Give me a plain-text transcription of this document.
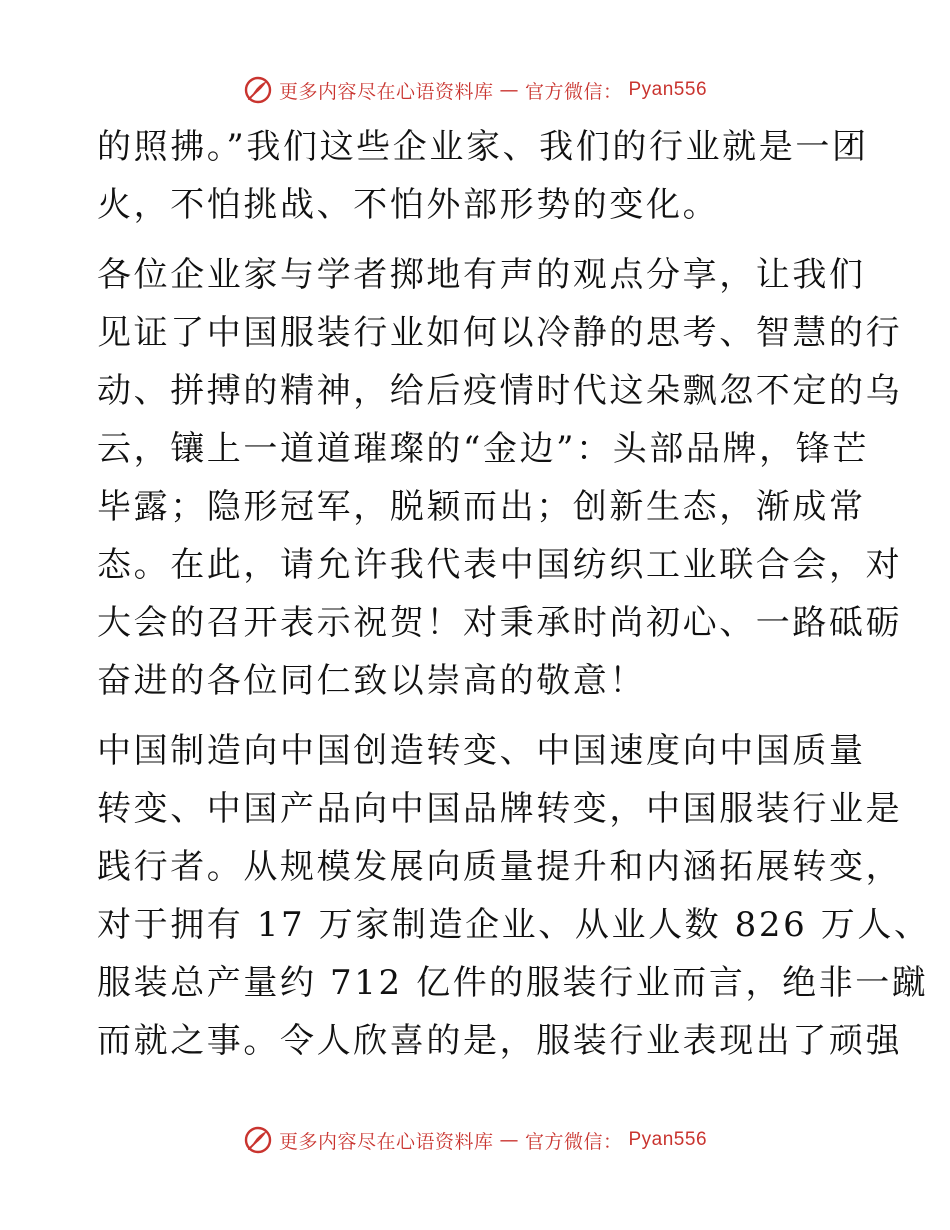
更多内容尽在心语资料库 — 官方微信： Pyan556

的照拂。”我们这些企业家、我们的行业就是一团
火，不怕挑战、不怕外部形势的变化。

各位企业家与学者掷地有声的观点分享，让我们
见证了中国服装行业如何以冷静的思考、智慧的行
动、拼搏的精神，给后疫情时代这朵飘忽不定的乌
云，镶上一道道璀璨的“金边”：头部品牌，锋芒
毕露；隐形冠军，脱颖而出；创新生态，渐成常
态。在此，请允许我代表中国纺织工业联合会，对
大会的召开表示祝贺！对秉承时尚初心、一路砥砺
奋进的各位同仁致以崇高的敬意！

中国制造向中国创造转变、中国速度向中国质量
转变、中国产品向中国品牌转变，中国服装行业是
践行者。从规模发展向质量提升和内涵拓展转变，
对于拥有 17 万家制造企业、从业人数 826 万人、
服装总产量约 712 亿件的服装行业而言，绝非一蹴
而就之事。令人欣喜的是，服装行业表现出了顽强

更多内容尽在心语资料库 — 官方微信： Pyan556
